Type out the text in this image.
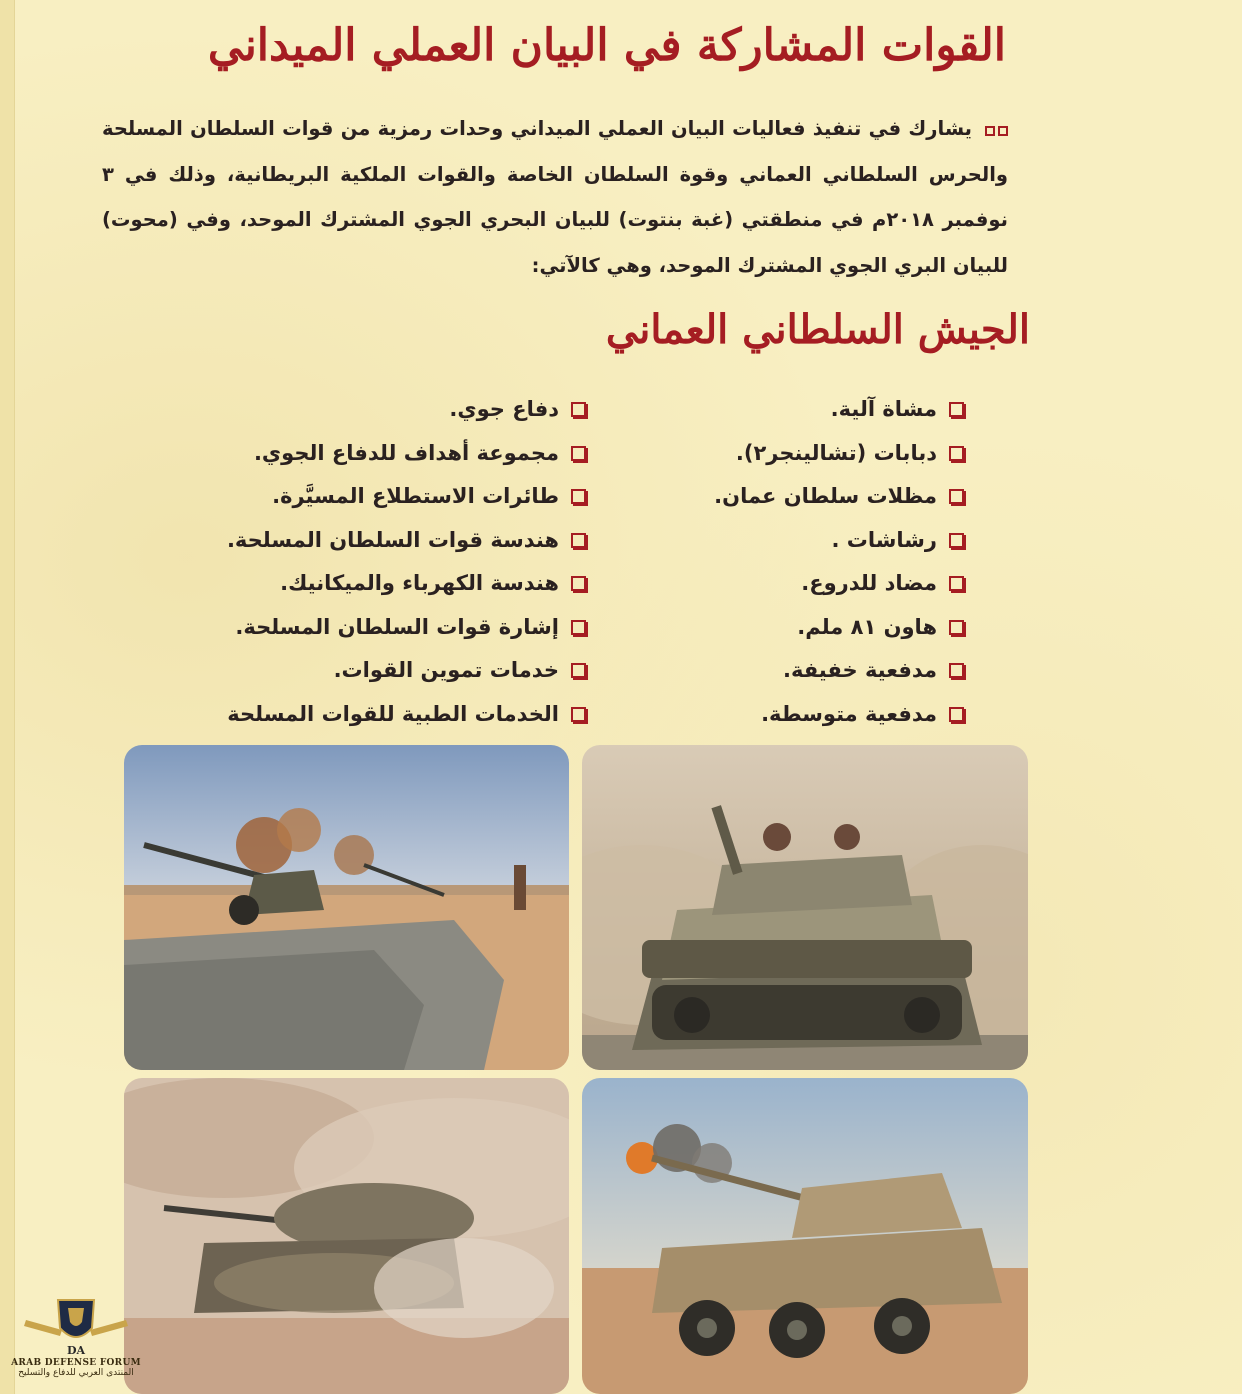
القوات المشاركة في البيان العملي الميداني

يشارك في تنفيذ فعاليات البيان العملي الميداني وحدات رمزية من قوات السلطان المسلحة والحرس السلطاني العماني وقوة السلطان الخاصة والقوات الملكية البريطانية، وذلك في ٣ نوفمبر ٢٠١٨م في منطقتي (غبة بنتوت) للبيان البحري الجوي المشترك الموحد، وفي (محوت) للبيان البري الجوي المشترك الموحد، وهي كالآتي:

الجيش السلطاني العماني
مشاة آلية.
دبابات (تشالينجر٢).
مظلات سلطان عمان.
رشاشات .
مضاد للدروع.
هاون ٨١ ملم.
مدفعية خفيفة.
مدفعية متوسطة.
دفاع جوي.
مجموعة أهداف للدفاع الجوي.
طائرات الاستطلاع المسيَّرة.
هندسة قوات السلطان المسلحة.
هندسة الكهرباء والميكانيك.
إشارة قوات السلطان المسلحة.
خدمات تموين القوات.
الخدمات الطبية للقوات المسلحة
DA
ARAB DEFENSE FORUM
المنتدى العربي للدفاع والتسليح
